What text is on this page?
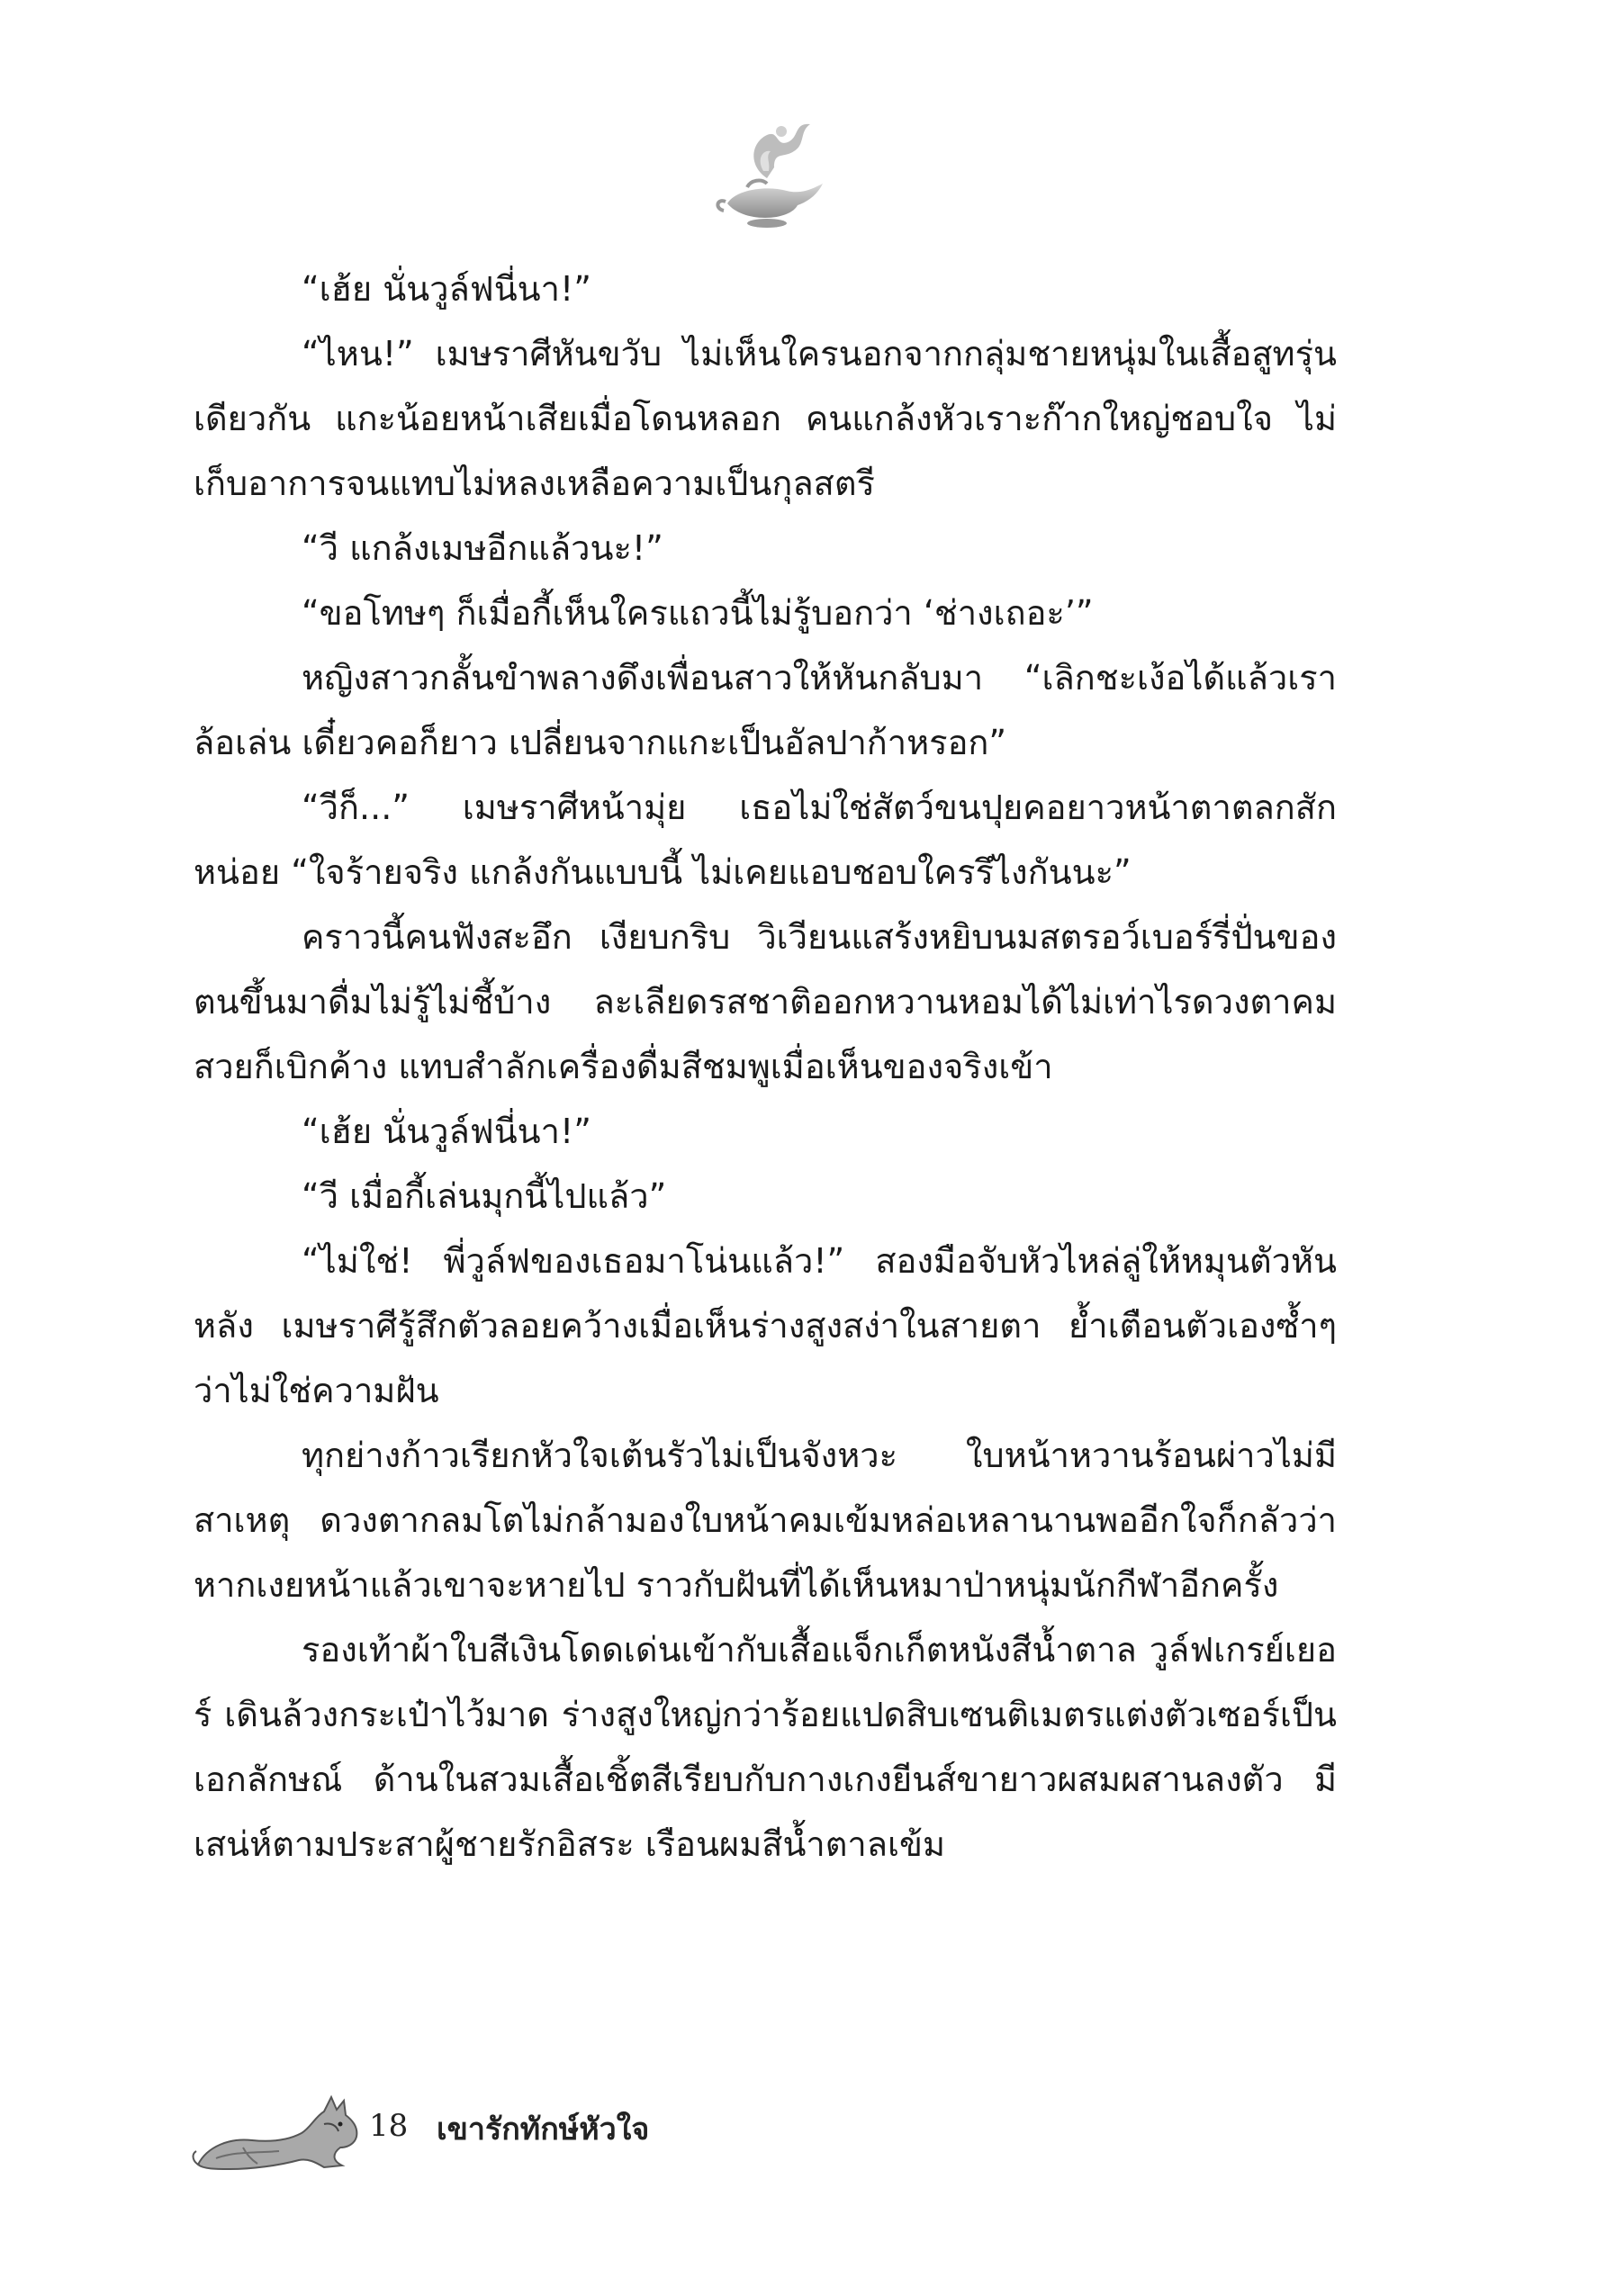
“เฮ้ย นั่นวูล์ฟนี่นา!”

“ไหน!” เมษราศีหันขวับ ไม่เห็นใครนอกจากกลุ่มชายหนุ่มในเสื้อสูทรุ่นเดียวกัน แกะน้อยหน้าเสียเมื่อโดนหลอก คนแกล้งหัวเราะก๊ากใหญ่ชอบใจ ไม่เก็บอาการจนแทบไม่หลงเหลือความเป็นกุลสตรี

“วี แกล้งเมษอีกแล้วนะ!”

“ขอโทษๆ ก็เมื่อกี้เห็นใครแถวนี้ไม่รู้บอกว่า ‘ช่างเถอะ’”

หญิงสาวกลั้นขำพลางดึงเพื่อนสาวให้หันกลับมา “เลิกชะเง้อได้แล้วเราล้อเล่น เดี๋ยวคอก็ยาว เปลี่ยนจากแกะเป็นอัลปาก้าหรอก”

“วีก็...” เมษราศีหน้ามุ่ย เธอไม่ใช่สัตว์ขนปุยคอยาวหน้าตาตลกสักหน่อย “ใจร้ายจริง แกล้งกันแบบนี้ ไม่เคยแอบชอบใครรึไงกันนะ”

คราวนี้คนฟังสะอึก เงียบกริบ วิเวียนแสร้งหยิบนมสตรอว์เบอร์รี่ปั่นของตนขึ้นมาดื่มไม่รู้ไม่ชี้บ้าง ละเลียดรสชาติออกหวานหอมได้ไม่เท่าไรดวงตาคมสวยก็เบิกค้าง แทบสำลักเครื่องดื่มสีชมพูเมื่อเห็นของจริงเข้า

“เฮ้ย นั่นวูล์ฟนี่นา!”

“วี เมื่อกี้เล่นมุกนี้ไปแล้ว”

“ไม่ใช่! พี่วูล์ฟของเธอมาโน่นแล้ว!” สองมือจับหัวไหล่ลู่ให้หมุนตัวหันหลัง เมษราศีรู้สึกตัวลอยคว้างเมื่อเห็นร่างสูงสง่าในสายตา ย้ำเตือนตัวเองซ้ำๆ ว่าไม่ใช่ความฝัน

ทุกย่างก้าวเรียกหัวใจเต้นรัวไม่เป็นจังหวะ ใบหน้าหวานร้อนผ่าวไม่มีสาเหตุ ดวงตากลมโตไม่กล้ามองใบหน้าคมเข้มหล่อเหลานานพออีกใจก็กลัวว่าหากเงยหน้าแล้วเขาจะหายไป ราวกับฝันที่ได้เห็นหมาป่าหนุ่มนักกีฬาอีกครั้ง

รองเท้าผ้าใบสีเงินโดดเด่นเข้ากับเสื้อแจ็กเก็ตหนังสีน้ำตาล วูล์ฟเกรย์เยอร์ เดินล้วงกระเป๋าไว้มาด ร่างสูงใหญ่กว่าร้อยแปดสิบเซนติเมตรแต่งตัวเซอร์เป็นเอกลักษณ์ ด้านในสวมเสื้อเชิ้ตสีเรียบกับกางเกงยีนส์ขายาวผสมผสานลงตัว มีเสน่ห์ตามประสาผู้ชายรักอิสระ เรือนผมสีน้ำตาลเข้ม

18 เขารักทักษ์หัวใจ
